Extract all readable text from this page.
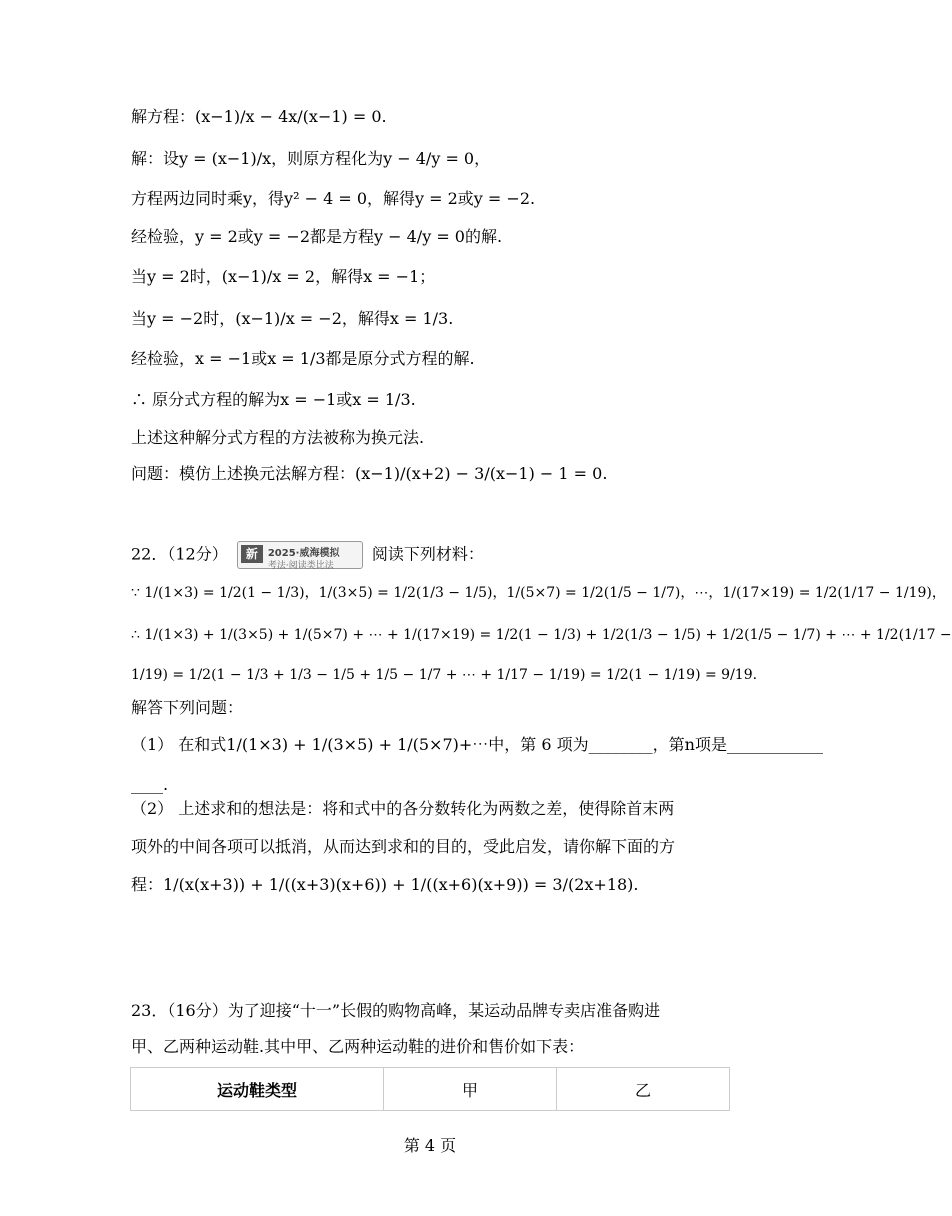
解方程：(x−1)/x − 4x/(x−1) = 0.
解：设y = (x−1)/x，则原方程化为y − 4/y = 0，
方程两边同时乘y，得y² − 4 = 0，解得y = 2或y = −2.
经检验，y = 2或y = −2都是方程y − 4/y = 0的解.
当y = 2时，(x−1)/x = 2，解得x = −1；
当y = −2时，(x−1)/x = −2，解得x = 1/3.
经检验，x = −1或x = 1/3都是原分式方程的解.
∴ 原分式方程的解为x = −1或x = 1/3.
上述这种解分式方程的方法被称为换元法.
问题：模仿上述换元法解方程：(x−1)/(x+2) − 3/(x−1) − 1 = 0.
22．（12分）	新	2025·威海模拟
考法·阅读类比法
阅读下列材料：
∵ 1/(1×3) = 1/2(1 − 1/3)，1/(3×5) = 1/2(1/3 − 1/5)，1/(5×7) = 1/2(1/5 − 1/7)，⋯，1/(17×19) = 1/2(1/17 − 1/19)，
∴ 1/(1×3) + 1/(3×5) + 1/(5×7) + ⋯ + 1/(17×19) = 1/2(1 − 1/3) + 1/2(1/3 − 1/5) + 1/2(1/5 − 1/7) + ⋯ + 1/2(1/17 −
1/19) = 1/2(1 − 1/3 + 1/3 − 1/5 + 1/5 − 1/7 + ⋯ + 1/17 − 1/19) = 1/2(1 − 1/19) = 9/19.
解答下列问题：
（1） 在和式1/(1×3) + 1/(3×5) + 1/(5×7)+⋯中，第 6 项为________，第n项是____________
____.
（2） 上述求和的想法是：将和式中的各分数转化为两数之差，使得除首末两
项外的中间各项可以抵消，从而达到求和的目的，受此启发，请你解下面的方
程：1/(x(x+3)) + 1/((x+3)(x+6)) + 1/((x+6)(x+9)) = 3/(2x+18).
23．（16分）为了迎接“十一”长假的购物高峰，某运动品牌专卖店准备购进
甲、乙两种运动鞋.其中甲、乙两种运动鞋的进价和售价如下表：
运动鞋类型	甲	乙
第 4 页
